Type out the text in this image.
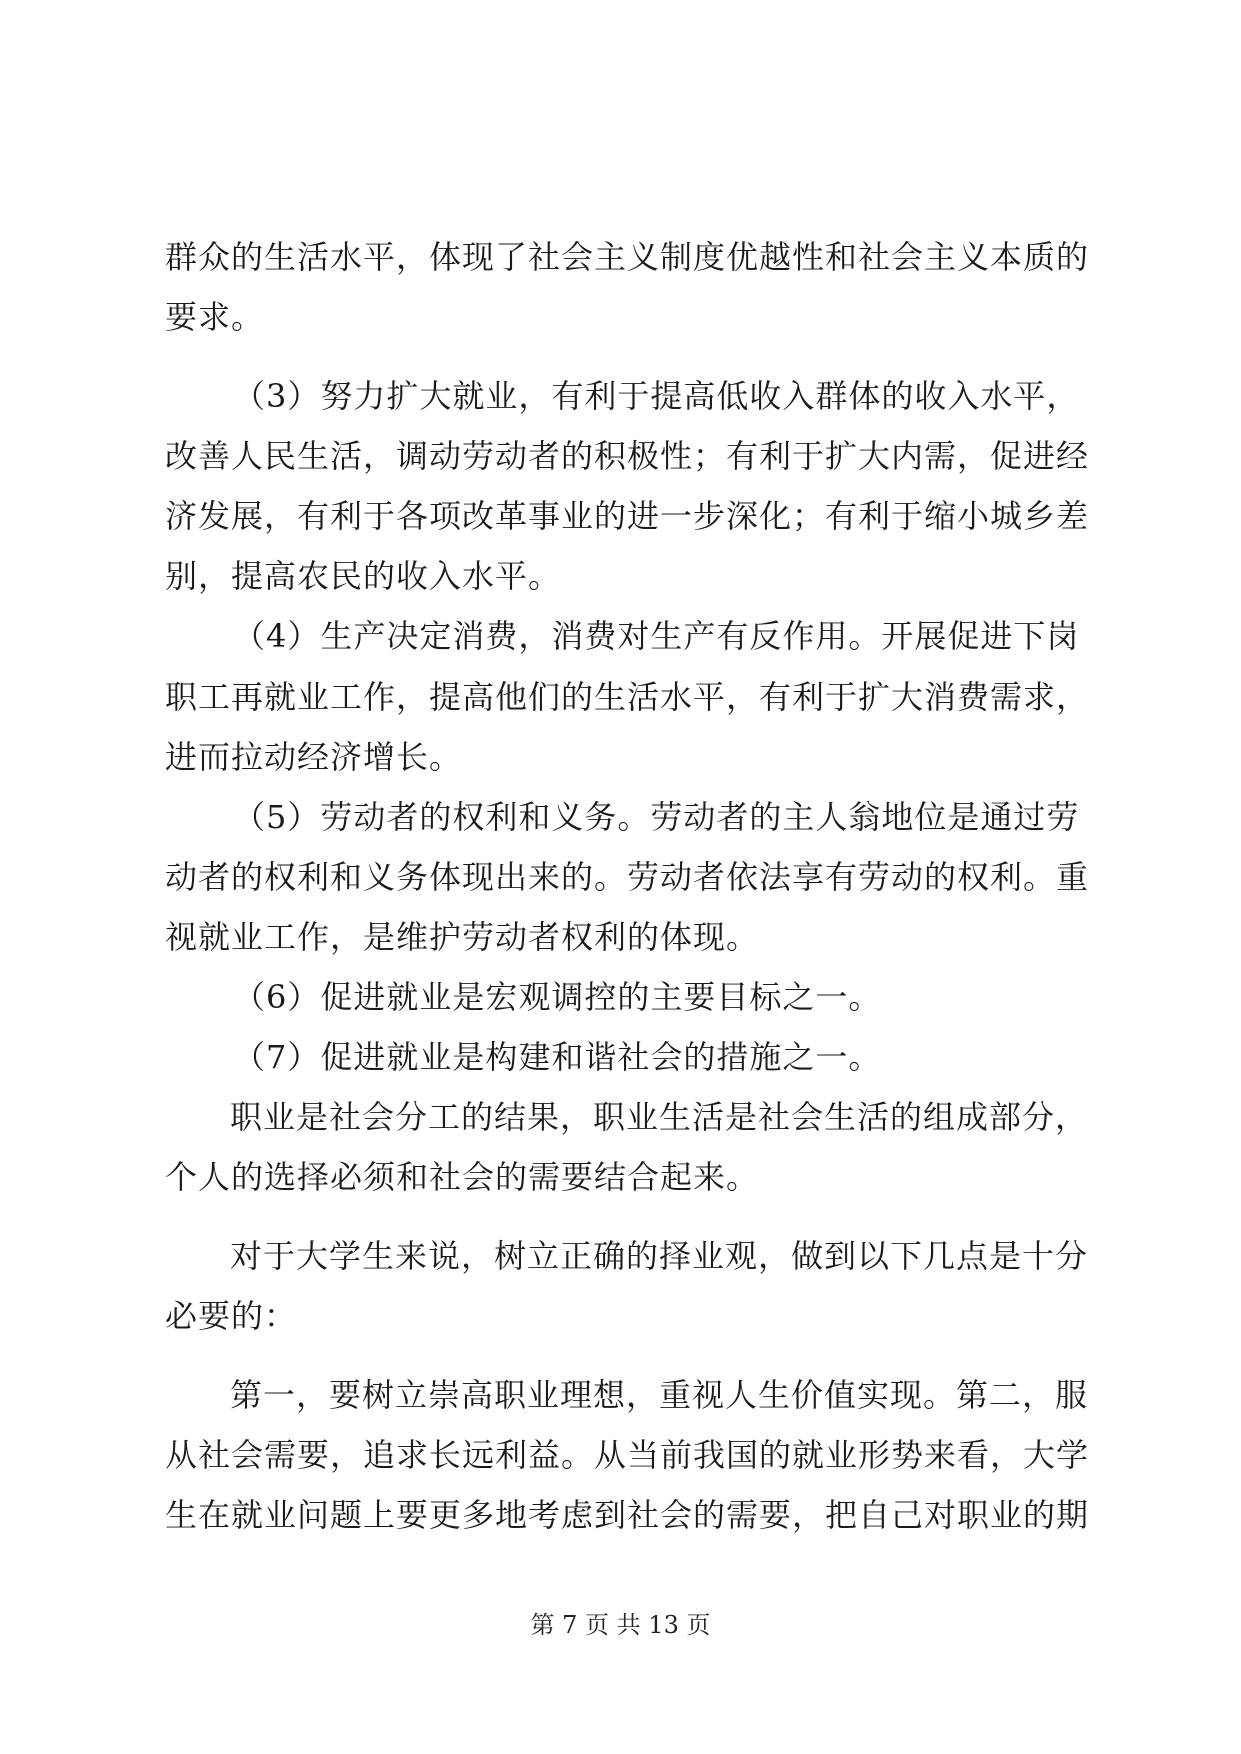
群众的生活水平，体现了社会主义制度优越性和社会主义本质的
要求。
（3）努力扩大就业，有利于提高低收入群体的收入水平，
改善人民生活，调动劳动者的积极性；有利于扩大内需，促进经
济发展，有利于各项改革事业的进一步深化；有利于缩小城乡差
别，提高农民的收入水平。
（4）生产决定消费，消费对生产有反作用。开展促进下岗
职工再就业工作，提高他们的生活水平，有利于扩大消费需求，
进而拉动经济增长。
（5）劳动者的权利和义务。劳动者的主人翁地位是通过劳
动者的权利和义务体现出来的。劳动者依法享有劳动的权利。重
视就业工作，是维护劳动者权利的体现。
（6）促进就业是宏观调控的主要目标之一。
（7）促进就业是构建和谐社会的措施之一。
职业是社会分工的结果，职业生活是社会生活的组成部分，
个人的选择必须和社会的需要结合起来。
对于大学生来说，树立正确的择业观，做到以下几点是十分
必要的：
第一，要树立崇高职业理想，重视人生价值实现。第二，服
从社会需要，追求长远利益。从当前我国的就业形势来看，大学
生在就业问题上要更多地考虑到社会的需要，把自己对职业的期
第 7 页 共 13 页
